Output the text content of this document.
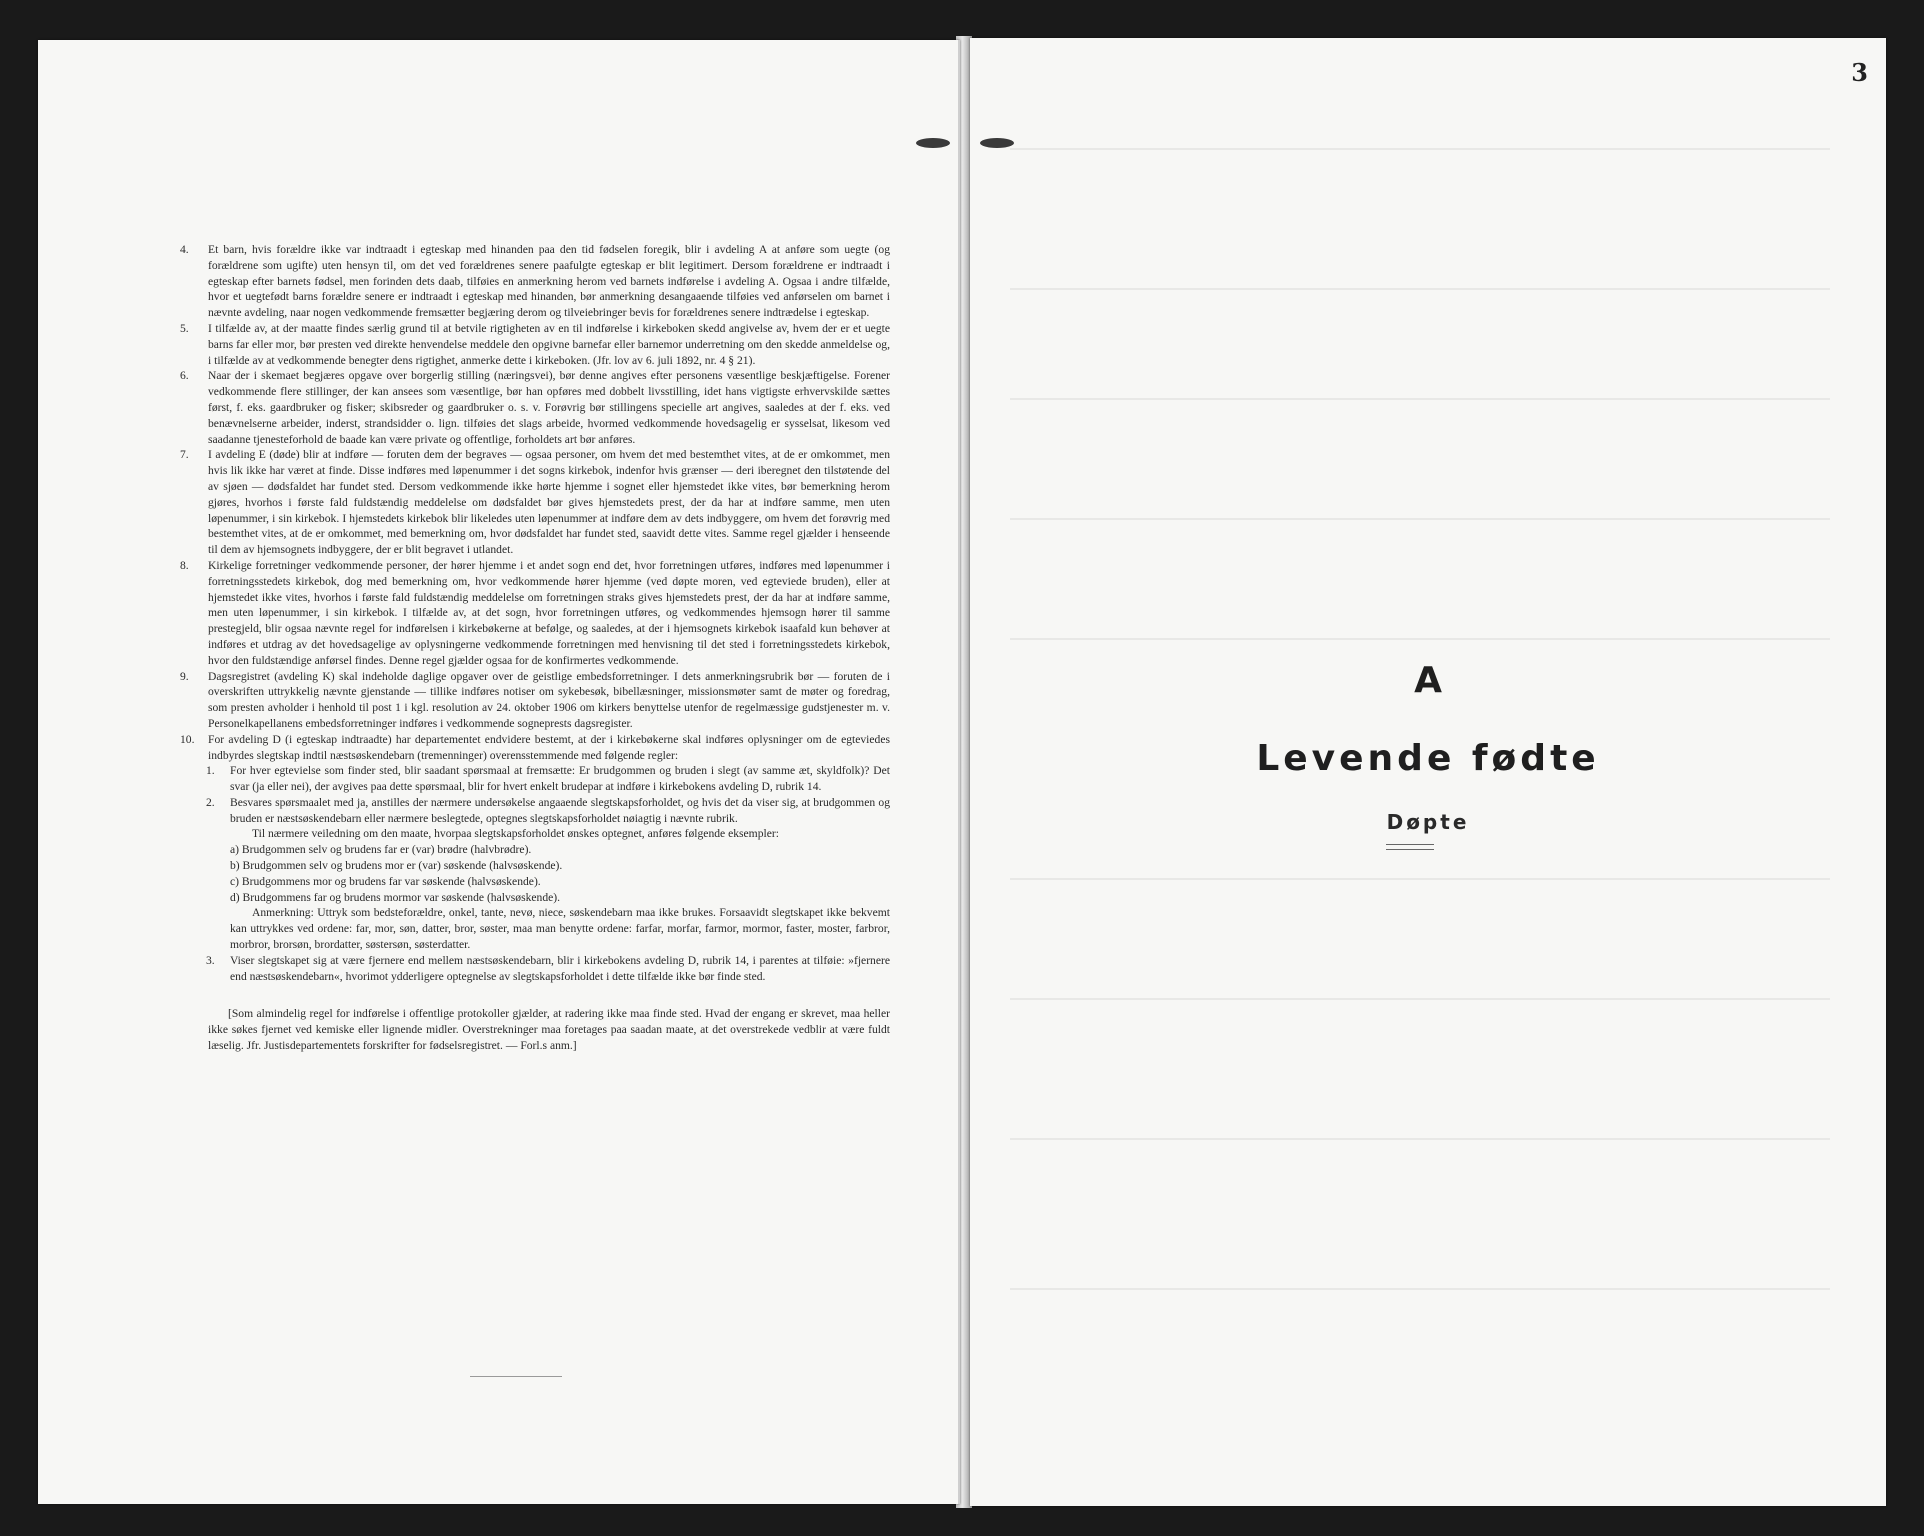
4. Et barn, hvis forældre ikke var indtraadt i egteskap med hinanden paa den tid fødselen foregik, blir i avdeling A at anføre som uegte (og forældrene som ugifte) uten hensyn til, om det ved forældrenes senere paafulgte egteskap er blit legitimert. Dersom forældrene er indtraadt i egteskap efter barnets fødsel, men forinden dets daab, tilføies en anmerkning herom ved barnets indførelse i avdeling A. Ogsaa i andre tilfælde, hvor et uegtefødt barns forældre senere er indtraadt i egteskap med hinanden, bør anmerkning desangaaende tilføies ved anførselen om barnet i nævnte avdeling, naar nogen vedkommende fremsætter begjæring derom og tilveiebringer bevis for forældrenes senere indtrædelse i egteskap.
5. I tilfælde av, at der maatte findes særlig grund til at betvile rigtigheten av en til indførelse i kirkeboken skedd angivelse av, hvem der er et uegte barns far eller mor, bør presten ved direkte henvendelse meddele den opgivne barnefar eller barnemor underretning om den skedde anmeldelse og, i tilfælde av at vedkommende benegter dens rigtighet, anmerke dette i kirkeboken. (Jfr. lov av 6. juli 1892, nr. 4 § 21).
6. Naar der i skemaet begjæres opgave over borgerlig stilling (næringsvei), bør denne angives efter personens væsentlige beskjæftigelse. Forener vedkommende flere stillinger, der kan ansees som væsentlige, bør han opføres med dobbelt livsstilling, idet hans vigtigste erhvervskilde sættes først, f. eks. gaardbruker og fisker; skibsreder og gaardbruker o. s. v. Forøvrig bør stillingens specielle art angives, saaledes at der f. eks. ved benævnelserne arbeider, inderst, strandsidder o. lign. tilføies det slags arbeide, hvormed vedkommende hovedsagelig er sysselsat, likesom ved saadanne tjenesteforhold de baade kan være private og offentlige, forholdets art bør anføres.
7. I avdeling E (døde) blir at indføre — foruten dem der begraves — ogsaa personer, om hvem det med bestemthet vites, at de er omkommet, men hvis lik ikke har været at finde. Disse indføres med løpenummer i det sogns kirkebok, indenfor hvis grænser — deri iberegnet den tilstøtende del av sjøen — dødsfaldet har fundet sted. Dersom vedkommende ikke hørte hjemme i sognet eller hjemstedet ikke vites, bør bemerkning herom gjøres, hvorhos i første fald fuldstændig meddelelse om dødsfaldet bør gives hjemstedets prest, der da har at indføre samme, men uten løpenummer, i sin kirkebok. I hjemstedets kirkebok blir likeledes uten løpenummer at indføre dem av dets indbyggere, om hvem det forøvrig med bestemthet vites, at de er omkommet, med bemerkning om, hvor dødsfaldet har fundet sted, saavidt dette vites. Samme regel gjælder i henseende til dem av hjemsognets indbyggere, der er blit begravet i utlandet.
8. Kirkelige forretninger vedkommende personer, der hører hjemme i et andet sogn end det, hvor forretningen utføres, indføres med løpenummer i forretningsstedets kirkebok, dog med bemerkning om, hvor vedkommende hører hjemme (ved døpte moren, ved egteviede bruden), eller at hjemstedet ikke vites, hvorhos i første fald fuldstændig meddelelse om forretningen straks gives hjemstedets prest, der da har at indføre samme, men uten løpenummer, i sin kirkebok. I tilfælde av, at det sogn, hvor forretningen utføres, og vedkommendes hjemsogn hører til samme prestegjeld, blir ogsaa nævnte regel for indførelsen i kirkebøkerne at befølge, og saaledes, at der i hjemsognets kirkebok isaafald kun behøver at indføres et utdrag av det hovedsagelige av oplysningerne vedkommende forretningen med henvisning til det sted i forretningsstedets kirkebok, hvor den fuldstændige anførsel findes. Denne regel gjælder ogsaa for de konfirmertes vedkommende.
9. Dagsregistret (avdeling K) skal indeholde daglige opgaver over de geistlige embedsforretninger. I dets anmerkningsrubrik bør — foruten de i overskriften uttrykkelig nævnte gjenstande — tillike indføres notiser om sykebesøk, bibellæsninger, missionsmøter samt de møter og foredrag, som presten avholder i henhold til post 1 i kgl. resolution av 24. oktober 1906 om kirkers benyttelse utenfor de regelmæssige gudstjenester m. v. Personelkapellanens embedsforretninger indføres i vedkommende sogneprests dagsregister.
10. For avdeling D (i egteskap indtraadte) har departementet endvidere bestemt, at der i kirkebøkerne skal indføres oplysninger om de egteviedes indbyrdes slegtskap indtil næstsøskendebarn (tremenninger) overensstemmende med følgende regler:
1. For hver egtevielse som finder sted, blir saadant spørsmaal at fremsætte: Er brudgommen og bruden i slegt (av samme æt, skyldfolk)? Det svar (ja eller nei), der avgives paa dette spørsmaal, blir for hvert enkelt brudepar at indføre i kirkebokens avdeling D, rubrik 14.
2. Besvares spørsmaalet med ja, anstilles der nærmere undersøkelse angaaende slegtskapsforholdet, og hvis det da viser sig, at brudgommen og bruden er næstsøskendebarn eller nærmere beslegtede, optegnes slegtskapsforholdet nøiagtig i nævnte rubrik.
Til nærmere veiledning om den maate, hvorpaa slegtskapsforholdet ønskes optegnet, anføres følgende eksempler:
a) Brudgommen selv og brudens far er (var) brødre (halvbrødre).
b) Brudgommen selv og brudens mor er (var) søskende (halvsøskende).
c) Brudgommens mor og brudens far var søskende (halvsøskende).
d) Brudgommens far og brudens mormor var søskende (halvsøskende).
Anmerkning: Uttryk som bedsteforældre, onkel, tante, nevø, niece, søskendebarn maa ikke brukes. Forsaavidt slegtskapet ikke bekvemt kan uttrykkes ved ordene: far, mor, søn, datter, bror, søster, maa man benytte ordene: farfar, morfar, farmor, mormor, faster, moster, farbror, morbror, brorsøn, brordatter, søstersøn, søsterdatter.
3. Viser slegtskapet sig at være fjernere end mellem næstsøskendebarn, blir i kirkebokens avdeling D, rubrik 14, i parentes at tilføie: »fjernere end næstsøskendebarn«, hvorimot ydderligere optegnelse av slegtskapsforholdet i dette tilfælde ikke bør finde sted.
[Som almindelig regel for indførelse i offentlige protokoller gjælder, at radering ikke maa finde sted. Hvad der engang er skrevet, maa heller ikke søkes fjernet ved kemiske eller lignende midler. Overstrekninger maa foretages paa saadan maate, at det overstrekede vedblir at være fuldt læselig. Jfr. Justisdepartementets forskrifter for fødselsregistret. — Forl.s anm.]
3
A
Levende fødte
Døpte
